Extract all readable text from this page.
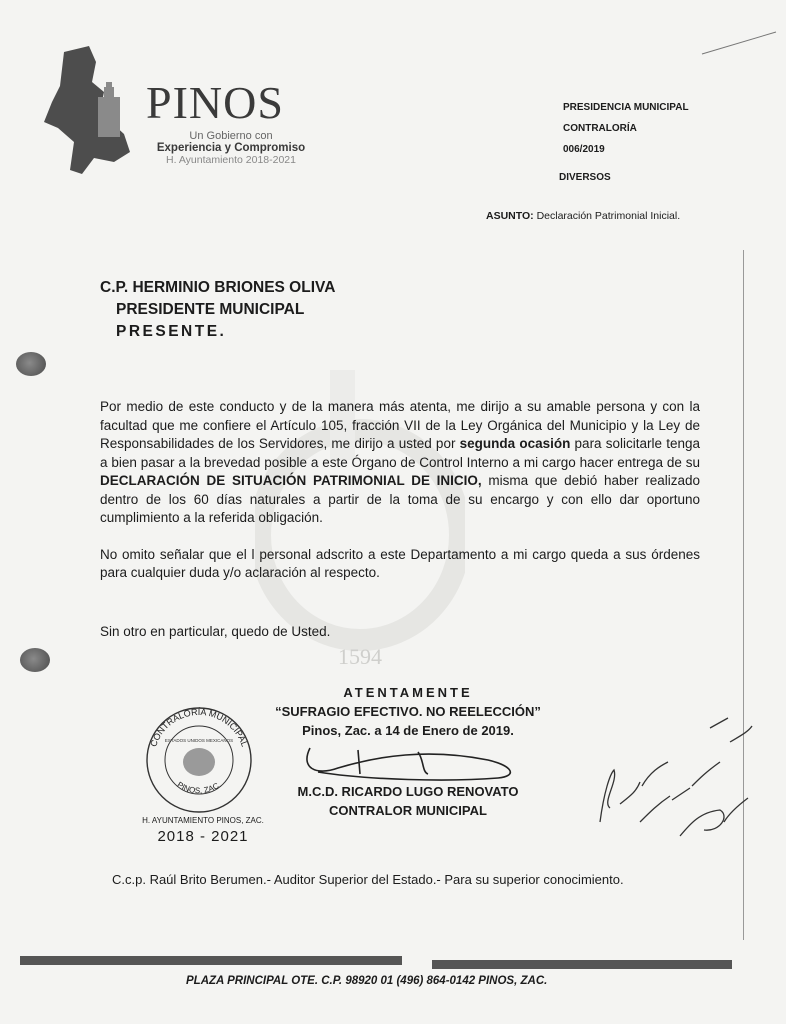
1594
PINOS
Un Gobierno con
Experiencia y Compromiso
H. Ayuntamiento 2018-2021
PRESIDENCIA MUNICIPAL
CONTRALORÍA
006/2019
DIVERSOS
ASUNTO: Declaración Patrimonial Inicial.
C.P. HERMINIO BRIONES OLIVA
PRESIDENTE MUNICIPAL
PRESENTE.

Por medio de este conducto y de la manera más atenta, me dirijo a su amable persona y con la facultad que me confiere el Artículo 105, fracción VII de la Ley Orgánica del Municipio y la Ley de Responsabilidades de los Servidores, me dirijo a usted por segunda ocasión para solicitarle tenga a bien pasar a la brevedad posible a este Órgano de Control Interno a mi cargo hacer entrega de su DECLARACIÓN DE SITUACIÓN PATRIMONIAL DE INICIO, misma que debió haber realizado dentro de los 60 días naturales a partir de la toma de su encargo y con ello dar oportuno cumplimiento a la referida obligación.

No omito señalar que el l personal adscrito a este Departamento a mi cargo queda a sus órdenes para cualquier duda y/o aclaración al respecto.

Sin otro en particular, quedo de Usted.
ATENTAMENTE
“SUFRAGIO EFECTIVO. NO REELECCIÓN”
Pinos, Zac. a 14 de Enero de 2019.
M.C.D. RICARDO LUGO RENOVATO
CONTRALOR MUNICIPAL
CONTRALORÍA MUNICIPAL
PINOS, ZAC.
ESTADOS UNIDOS MEXICANOS
H. AYUNTAMIENTO PINOS, ZAC.
2018 - 2021
C.c.p. Raúl Brito Berumen.- Auditor Superior del Estado.- Para su superior conocimiento.
PLAZA PRINCIPAL OTE. C.P. 98920 01 (496) 864-0142 PINOS, ZAC.
